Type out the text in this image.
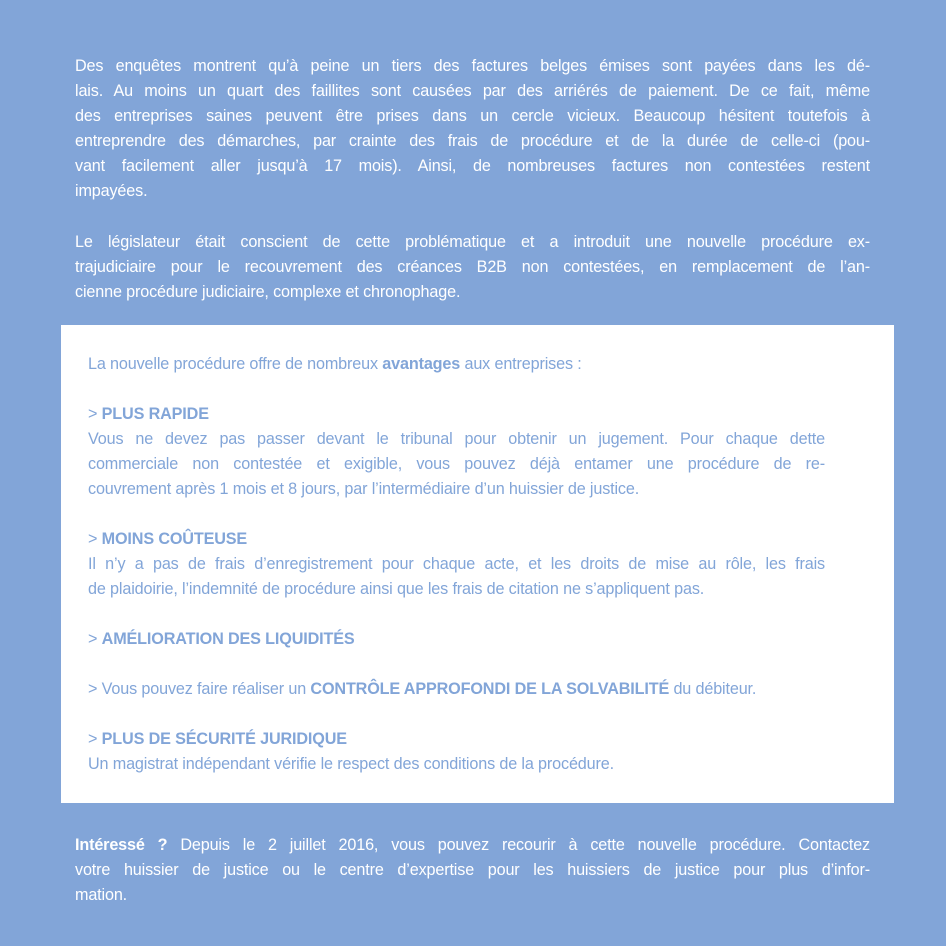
Des enquêtes montrent qu’à peine un tiers des factures belges émises sont payées dans les dé-
lais. Au moins un quart des faillites sont causées par des arriérés de paiement. De ce fait, même
des entreprises saines peuvent être prises dans un cercle vicieux. Beaucoup hésitent toutefois à
entreprendre des démarches, par crainte des frais de procédure et de la durée de celle-ci (pou-
vant facilement aller jusqu’à 17 mois). Ainsi, de nombreuses factures non contestées restent
impayées.
Le législateur était conscient de cette problématique et a introduit une nouvelle procédure ex-
trajudiciaire pour le recouvrement des créances B2B non contestées, en remplacement de l’an-
cienne procédure judiciaire, complexe et chronophage.
La nouvelle procédure offre de nombreux avantages aux entreprises :
> PLUS RAPIDE
Vous ne devez pas passer devant le tribunal pour obtenir un jugement. Pour chaque dette
commerciale non contestée et exigible, vous pouvez déjà entamer une procédure de re-
couvrement après 1 mois et 8 jours, par l’intermédiaire d’un huissier de justice.
> MOINS COÛTEUSE
Il n’y a pas de frais d’enregistrement pour chaque acte, et les droits de mise au rôle, les frais
de plaidoirie, l’indemnité de procédure ainsi que les frais de citation ne s’appliquent pas.
> AMÉLIORATION DES LIQUIDITÉS
> Vous pouvez faire réaliser un CONTRÔLE APPROFONDI DE LA SOLVABILITÉ du débiteur.
> PLUS DE SÉCURITÉ JURIDIQUE
Un magistrat indépendant vérifie le respect des conditions de la procédure.
Intéressé ? Depuis le 2 juillet 2016, vous pouvez recourir à cette nouvelle procédure. Contactez
votre huissier de justice ou le centre d’expertise pour les huissiers de justice pour plus d’infor-
mation.
